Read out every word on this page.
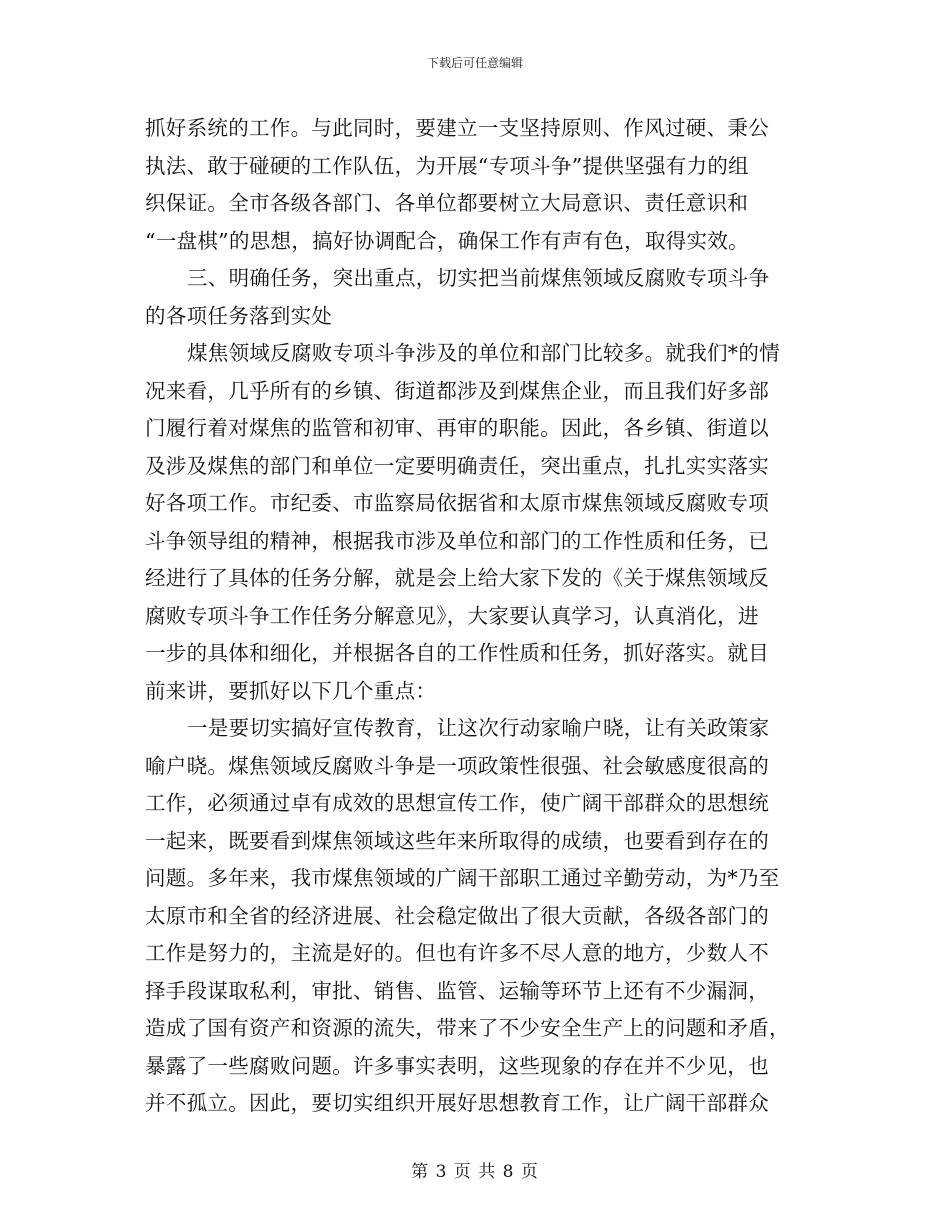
下载后可任意编辑
抓好系统的工作。与此同时，要建立一支坚持原则、作风过硬、秉公
执法、敢于碰硬的工作队伍，为开展“专项斗争”提供坚强有力的组
织保证。全市各级各部门、各单位都要树立大局意识、责任意识和
“一盘棋”的思想，搞好协调配合，确保工作有声有色，取得实效。
三、明确任务，突出重点，切实把当前煤焦领域反腐败专项斗争
的各项任务落到实处
煤焦领域反腐败专项斗争涉及的单位和部门比较多。就我们*的情
况来看，几乎所有的乡镇、街道都涉及到煤焦企业，而且我们好多部
门履行着对煤焦的监管和初审、再审的职能。因此，各乡镇、街道以
及涉及煤焦的部门和单位一定要明确责任，突出重点，扎扎实实落实
好各项工作。市纪委、市监察局依据省和太原市煤焦领域反腐败专项
斗争领导组的精神，根据我市涉及单位和部门的工作性质和任务，已
经进行了具体的任务分解，就是会上给大家下发的《关于煤焦领域反
腐败专项斗争工作任务分解意见》，大家要认真学习，认真消化，进
一步的具体和细化，并根据各自的工作性质和任务，抓好落实。就目
前来讲，要抓好以下几个重点：
一是要切实搞好宣传教育，让这次行动家喻户晓，让有关政策家
喻户晓。煤焦领域反腐败斗争是一项政策性很强、社会敏感度很高的
工作，必须通过卓有成效的思想宣传工作，使广阔干部群众的思想统
一起来，既要看到煤焦领域这些年来所取得的成绩，也要看到存在的
问题。多年来，我市煤焦领域的广阔干部职工通过辛勤劳动，为*乃至
太原市和全省的经济进展、社会稳定做出了很大贡献，各级各部门的
工作是努力的，主流是好的。但也有许多不尽人意的地方，少数人不
择手段谋取私利，审批、销售、监管、运输等环节上还有不少漏洞，
造成了国有资产和资源的流失，带来了不少安全生产上的问题和矛盾，
暴露了一些腐败问题。许多事实表明，这些现象的存在并不少见，也
并不孤立。因此，要切实组织开展好思想教育工作，让广阔干部群众
第 3 页 共 8 页
